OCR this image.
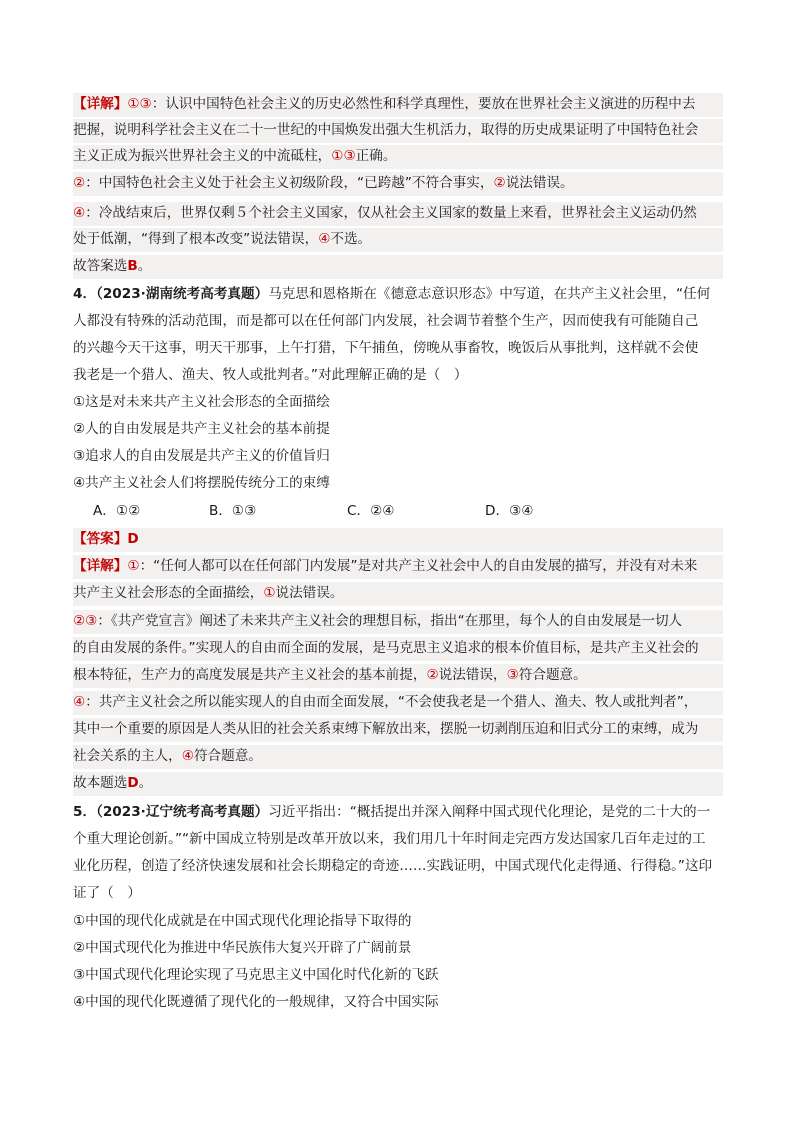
【详解】①③：认识中国特色社会主义的历史必然性和科学真理性，要放在世界社会主义演进的历程中去
把握，说明科学社会主义在二十一世纪的中国焕发出强大生机活力，取得的历史成果证明了中国特色社会
主义正成为振兴世界社会主义的中流砥柱，①③正确。
②：中国特色社会主义处于社会主义初级阶段，“已跨越”不符合事实，②说法错误。
④：冷战结束后，世界仅剩５个社会主义国家，仅从社会主义国家的数量上来看，世界社会主义运动仍然
处于低潮，“得到了根本改变”说法错误，④不选。
故答案选B。
4．（2023·湖南统考高考真题）马克思和恩格斯在《德意志意识形态》中写道，在共产主义社会里，“任何
人都没有特殊的活动范围，而是都可以在任何部门内发展，社会调节着整个生产，因而使我有可能随自己
的兴趣今天干这事，明天干那事，上午打猎，下午捕鱼，傍晚从事畜牧，晚饭后从事批判，这样就不会使
我老是一个猎人、渔夫、牧人或批判者。”对此理解正确的是（　）
①这是对未来共产主义社会形态的全面描绘
②人的自由发展是共产主义社会的基本前提
③追求人的自由发展是共产主义的价值旨归
④共产主义社会人们将摆脱传统分工的束缚
A．①②	B．①③	C．②④	D．③④
【答案】D
【详解】①：“任何人都可以在任何部门内发展”是对共产主义社会中人的自由发展的描写，并没有对未来
共产主义社会形态的全面描绘，①说法错误。
②③：《共产党宣言》阐述了未来共产主义社会的理想目标，指出“在那里，每个人的自由发展是一切人
的自由发展的条件。”实现人的自由而全面的发展，是马克思主义追求的根本价值目标，是共产主义社会的
根本特征，生产力的高度发展是共产主义社会的基本前提，②说法错误，③符合题意。
④：共产主义社会之所以能实现人的自由而全面发展，“不会使我老是一个猎人、渔夫、牧人或批判者”，
其中一个重要的原因是人类从旧的社会关系束缚下解放出来，摆脱一切剥削压迫和旧式分工的束缚，成为
社会关系的主人，④符合题意。
故本题选D。
5．（2023·辽宁统考高考真题）习近平指出：“概括提出并深入阐释中国式现代化理论，是党的二十大的一
个重大理论创新。”“新中国成立特别是改革开放以来，我们用几十年时间走完西方发达国家几百年走过的工
业化历程，创造了经济快速发展和社会长期稳定的奇迹……实践证明，中国式现代化走得通、行得稳。”这印
证了（　）
①中国的现代化成就是在中国式现代化理论指导下取得的
②中国式现代化为推进中华民族伟大复兴开辟了广阔前景
③中国式现代化理论实现了马克思主义中国化时代化新的飞跃
④中国的现代化既遵循了现代化的一般规律，又符合中国实际
